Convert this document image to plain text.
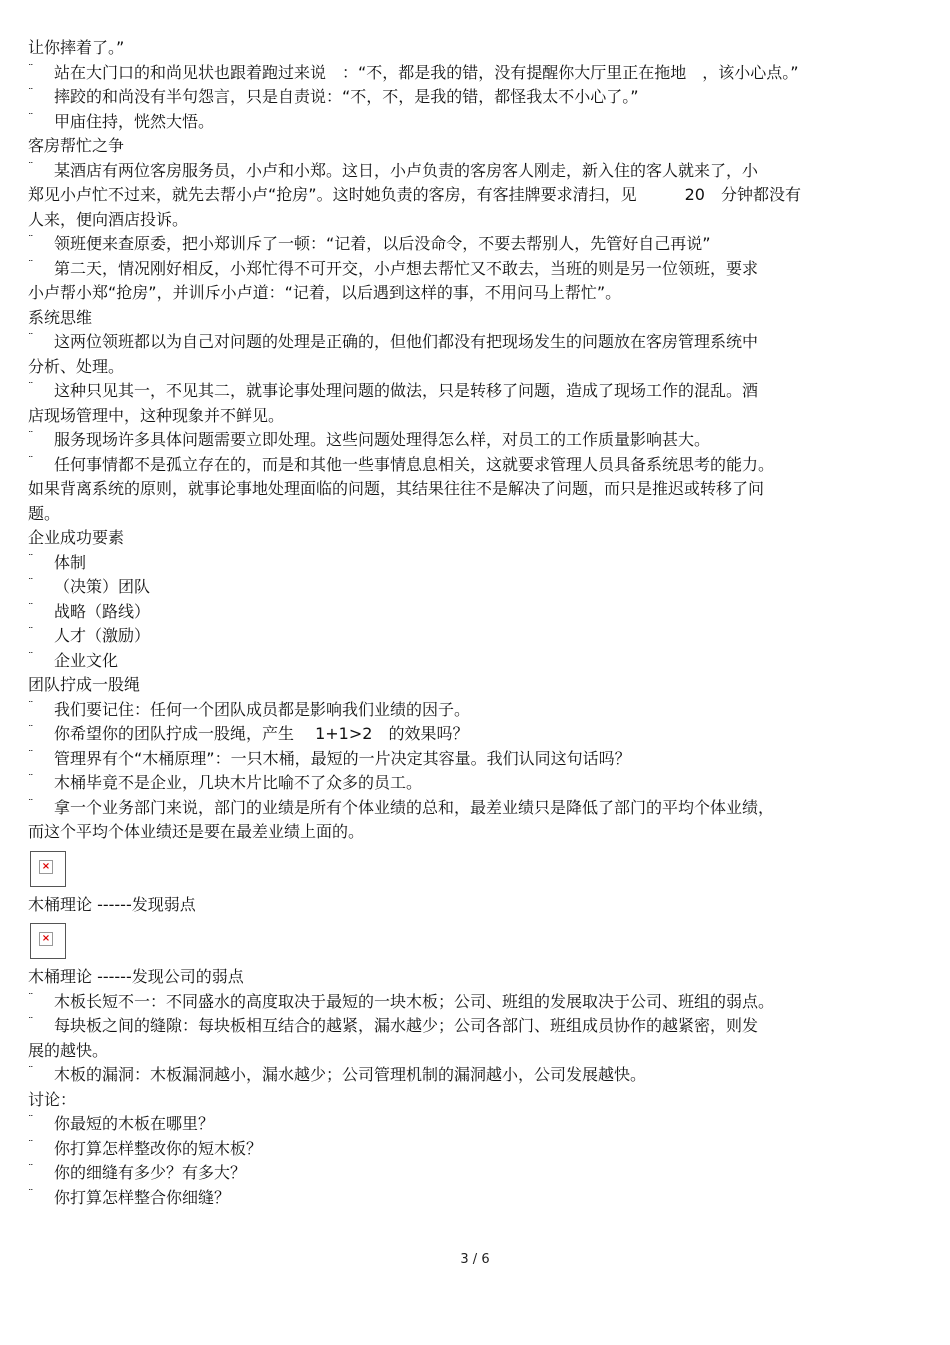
让你摔着了。”
¨ 站在大门口的和尚见状也跟着跑过来说　：“不，都是我的错，没有提醒你大厅里正在拖地　，该小心点。”
¨ 摔跤的和尚没有半句怨言，只是自责说：“不，不，是我的错，都怪我太不小心了。”
¨ 甲庙住持，恍然大悟。
客房帮忙之争
¨ 某酒店有两位客房服务员，小卢和小郑。这日，小卢负责的客房客人刚走，新入住的客人就来了，小
郑见小卢忙不过来，就先去帮小卢“抢房”。这时她负责的客房，有客挂牌要求清扫，见　　　20　分钟都没有
人来，便向酒店投诉。
¨ 领班便来查原委，把小郑训斥了一顿：“记着，以后没命令，不要去帮别人，先管好自己再说”
¨ 第二天，情况刚好相反，小郑忙得不可开交，小卢想去帮忙又不敢去，当班的则是另一位领班，要求
小卢帮小郑“抢房”，并训斥小卢道：“记着，以后遇到这样的事，不用问马上帮忙”。
系统思维
¨ 这两位领班都以为自己对问题的处理是正确的，但他们都没有把现场发生的问题放在客房管理系统中
分析、处理。
¨ 这种只见其一，不见其二，就事论事处理问题的做法，只是转移了问题，造成了现场工作的混乱。酒
店现场管理中，这种现象并不鲜见。
¨ 服务现场许多具体问题需要立即处理。这些问题处理得怎么样，对员工的工作质量影响甚大。
¨ 任何事情都不是孤立存在的，而是和其他一些事情息息相关，这就要求管理人员具备系统思考的能力。
如果背离系统的原则，就事论事地处理面临的问题，其结果往往不是解决了问题，而只是推迟或转移了问
题。
企业成功要素
¨ 体制
¨ （决策）团队
¨ 战略（路线）
¨ 人才（激励）
¨ 企业文化
团队拧成一股绳
¨ 我们要记住：任何一个团队成员都是影响我们业绩的因子。
¨ 你希望你的团队拧成一股绳，产生　 1+1>2　的效果吗？
¨ 管理界有个“木桶原理”：一只木桶，最短的一片决定其容量。我们认同这句话吗？
¨ 木桶毕竟不是企业，几块木片比喻不了众多的员工。
¨ 拿一个业务部门来说，部门的业绩是所有个体业绩的总和，最差业绩只是降低了部门的平均个体业绩，
而这个平均个体业绩还是要在最差业绩上面的。
×
木桶理论 ------发现弱点
×
木桶理论 ------发现公司的弱点
¨ 木板长短不一：不同盛水的高度取决于最短的一块木板；公司、班组的发展取决于公司、班组的弱点。
¨ 每块板之间的缝隙：每块板相互结合的越紧，漏水越少；公司各部门、班组成员协作的越紧密，则发
展的越快。
¨ 木板的漏洞：木板漏洞越小，漏水越少；公司管理机制的漏洞越小，公司发展越快。
讨论：
¨ 你最短的木板在哪里？
¨ 你打算怎样整改你的短木板？
¨ 你的细缝有多少？有多大？
¨ 你打算怎样整合你细缝？
3 / 6
